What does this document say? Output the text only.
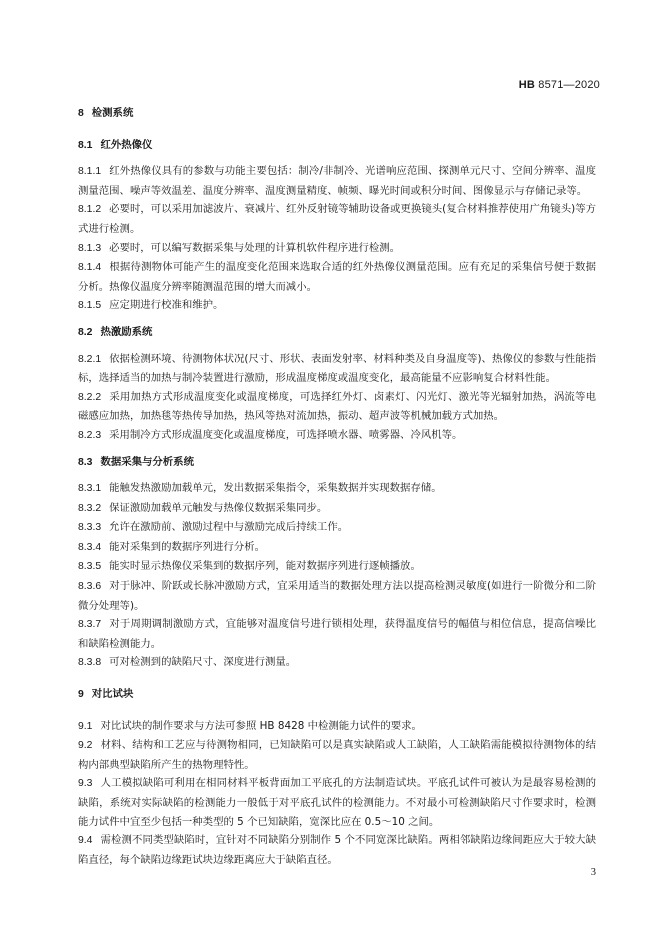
HB 8571—2020
8 检测系统
8.1 红外热像仪

8.1.1 红外热像仪具有的参数与功能主要包括：制冷/非制冷、光谱响应范围、探测单元尺寸、空间分辨率、温度测量范围、噪声等效温差、温度分辨率、温度测量精度、帧频、曝光时间或积分时间、图像显示与存储记录等。

8.1.2 必要时，可以采用加滤波片、衰减片、红外反射镜等辅助设备或更换镜头(复合材料推荐使用广角镜头)等方式进行检测。

8.1.3 必要时，可以编写数据采集与处理的计算机软件程序进行检测。

8.1.4 根据待测物体可能产生的温度变化范围来选取合适的红外热像仪测量范围。应有充足的采集信号便于数据分析。热像仪温度分辨率随测温范围的增大而减小。

8.1.5 应定期进行校准和维护。

8.2 热激励系统

8.2.1 依据检测环境、待测物体状况(尺寸、形状、表面发射率、材料种类及自身温度等)、热像仪的参数与性能指标，选择适当的加热与制冷装置进行激励，形成温度梯度或温度变化，最高能量不应影响复合材料性能。

8.2.2 采用加热方式形成温度变化或温度梯度，可选择红外灯、卤素灯、闪光灯、激光等光辐射加热，涡流等电磁感应加热，加热毯等热传导加热，热风等热对流加热，振动、超声波等机械加载方式加热。

8.2.3 采用制冷方式形成温度变化或温度梯度，可选择喷水器、喷雾器、冷风机等。

8.3 数据采集与分析系统

8.3.1 能触发热激励加载单元，发出数据采集指令，采集数据并实现数据存储。

8.3.2 保证激励加载单元触发与热像仪数据采集同步。

8.3.3 允许在激励前、激励过程中与激励完成后持续工作。

8.3.4 能对采集到的数据序列进行分析。

8.3.5 能实时显示热像仪采集到的数据序列，能对数据序列进行逐帧播放。

8.3.6 对于脉冲、阶跃或长脉冲激励方式，宜采用适当的数据处理方法以提高检测灵敏度(如进行一阶微分和二阶微分处理等)。

8.3.7 对于周期调制激励方式，宜能够对温度信号进行锁相处理，获得温度信号的幅值与相位信息，提高信噪比和缺陷检测能力。

8.3.8 可对检测到的缺陷尺寸、深度进行测量。

9 对比试块

9.1 对比试块的制作要求与方法可参照 HB 8428 中检测能力试件的要求。

9.2 材料、结构和工艺应与待测物相同，已知缺陷可以是真实缺陷或人工缺陷，人工缺陷需能模拟待测物体的结构内部典型缺陷所产生的热物理特性。

9.3 人工模拟缺陷可利用在相同材料平板背面加工平底孔的方法制造试块。平底孔试件可被认为是最容易检测的缺陷，系统对实际缺陷的检测能力一般低于对平底孔试件的检测能力。不对最小可检测缺陷尺寸作要求时，检测能力试件中宜至少包括一种类型的 5 个已知缺陷，宽深比应在 0.5～10 之间。

9.4 需检测不同类型缺陷时，宜针对不同缺陷分别制作 5 个不同宽深比缺陷。两相邻缺陷边缘间距应大于较大缺陷直径，每个缺陷边缘距试块边缘距离应大于缺陷直径。

3
